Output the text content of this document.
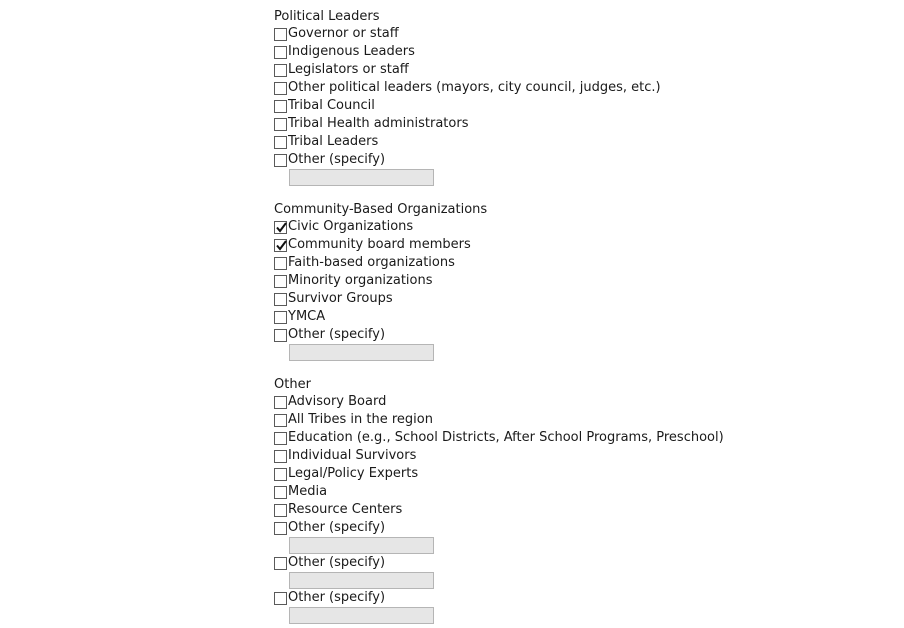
Political Leaders
Governor or staff
Indigenous Leaders
Legislators or staff
Other political leaders (mayors, city council, judges, etc.)
Tribal Council
Tribal Health administrators
Tribal Leaders
Other (specify)
Community-Based Organizations
Civic Organizations
Community board members
Faith-based organizations
Minority organizations
Survivor Groups
YMCA
Other (specify)
Other
Advisory Board
All Tribes in the region
Education (e.g., School Districts, After School Programs, Preschool)
Individual Survivors
Legal/Policy Experts
Media
Resource Centers
Other (specify)
Other (specify)
Other (specify)
